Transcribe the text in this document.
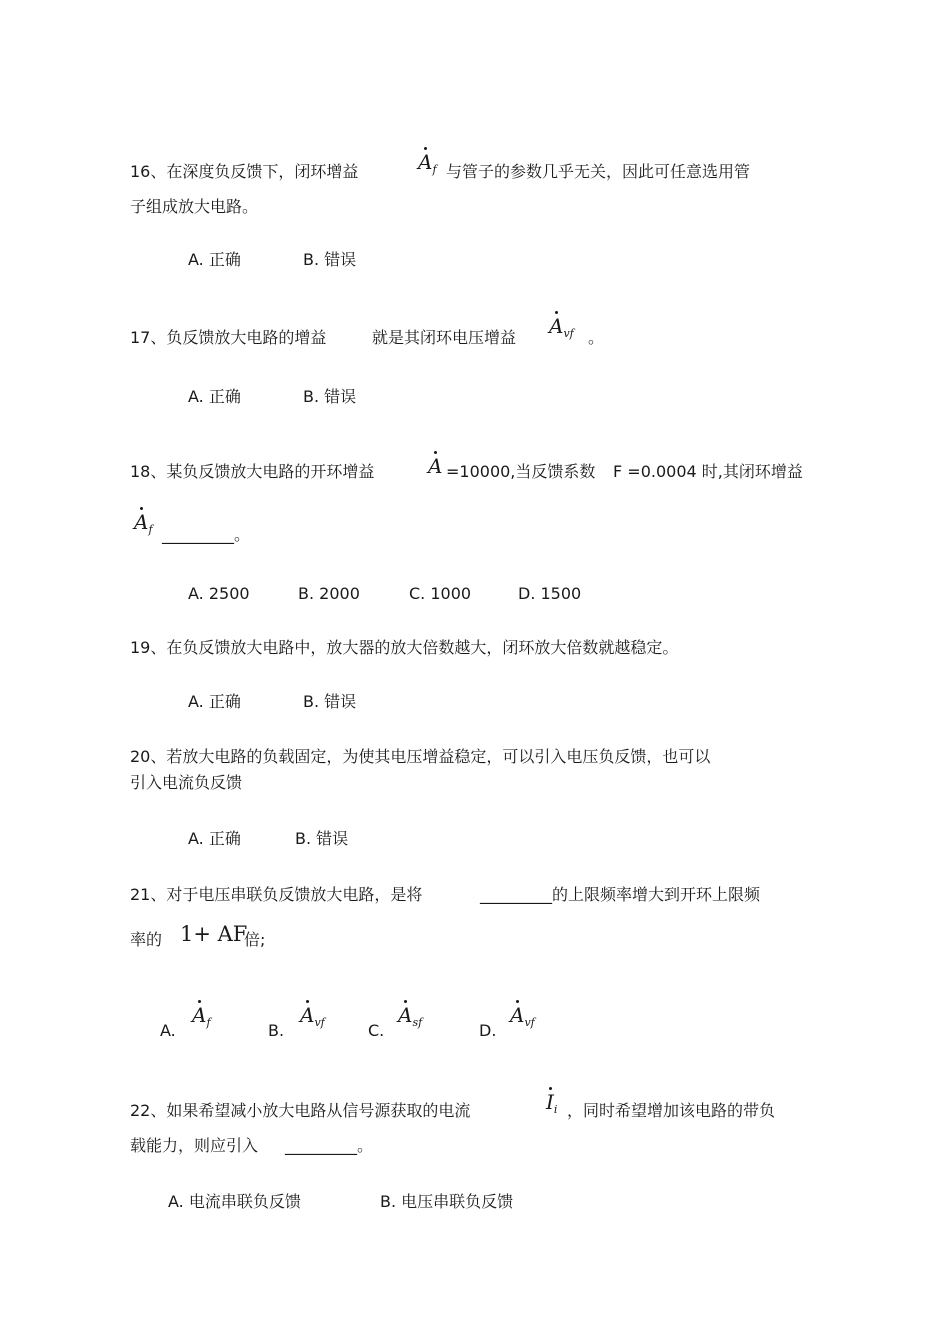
16、在深度负反馈下，闭环增益	$A_f$ 与管子的参数几乎无关，因此可任意选用管
子组成放大电路。
A. 正确	B. 错误
17、负反馈放大电路的增益	就是其闭环电压增益 $A_{vf}$ 。
A. 正确	B. 错误
18、某负反馈放大电路的开环增益	A =10000,当反馈系数 F =0.0004 时,其闭环增益
$A_f$ _________。
A. 2500	B. 2000	C. 1000	D. 1500
19、在负反馈放大电路中，放大器的放大倍数越大，闭环放大倍数就越稳定。
A. 正确	B. 错误
20、若放大电路的负载固定，为使其电压增益稳定，可以引入电压负反馈，也可以
引入电流负反馈
A. 正确	B. 错误
21、对于电压串联负反馈放大电路，是将	_________的上限频率增大到开环上限频
率的 1+ AF
倍;
A.
$A_f$	B.
$A_{vf}$	C.
$A_{sf}$	D.
$A_{vf}$
22、如果希望减小放大电路从信号源获取的电流	$I_i$ ，同时希望增加该电路的带负
载能力，则应引入 _________。
A. 电流串联负反馈	B. 电压串联负反馈
